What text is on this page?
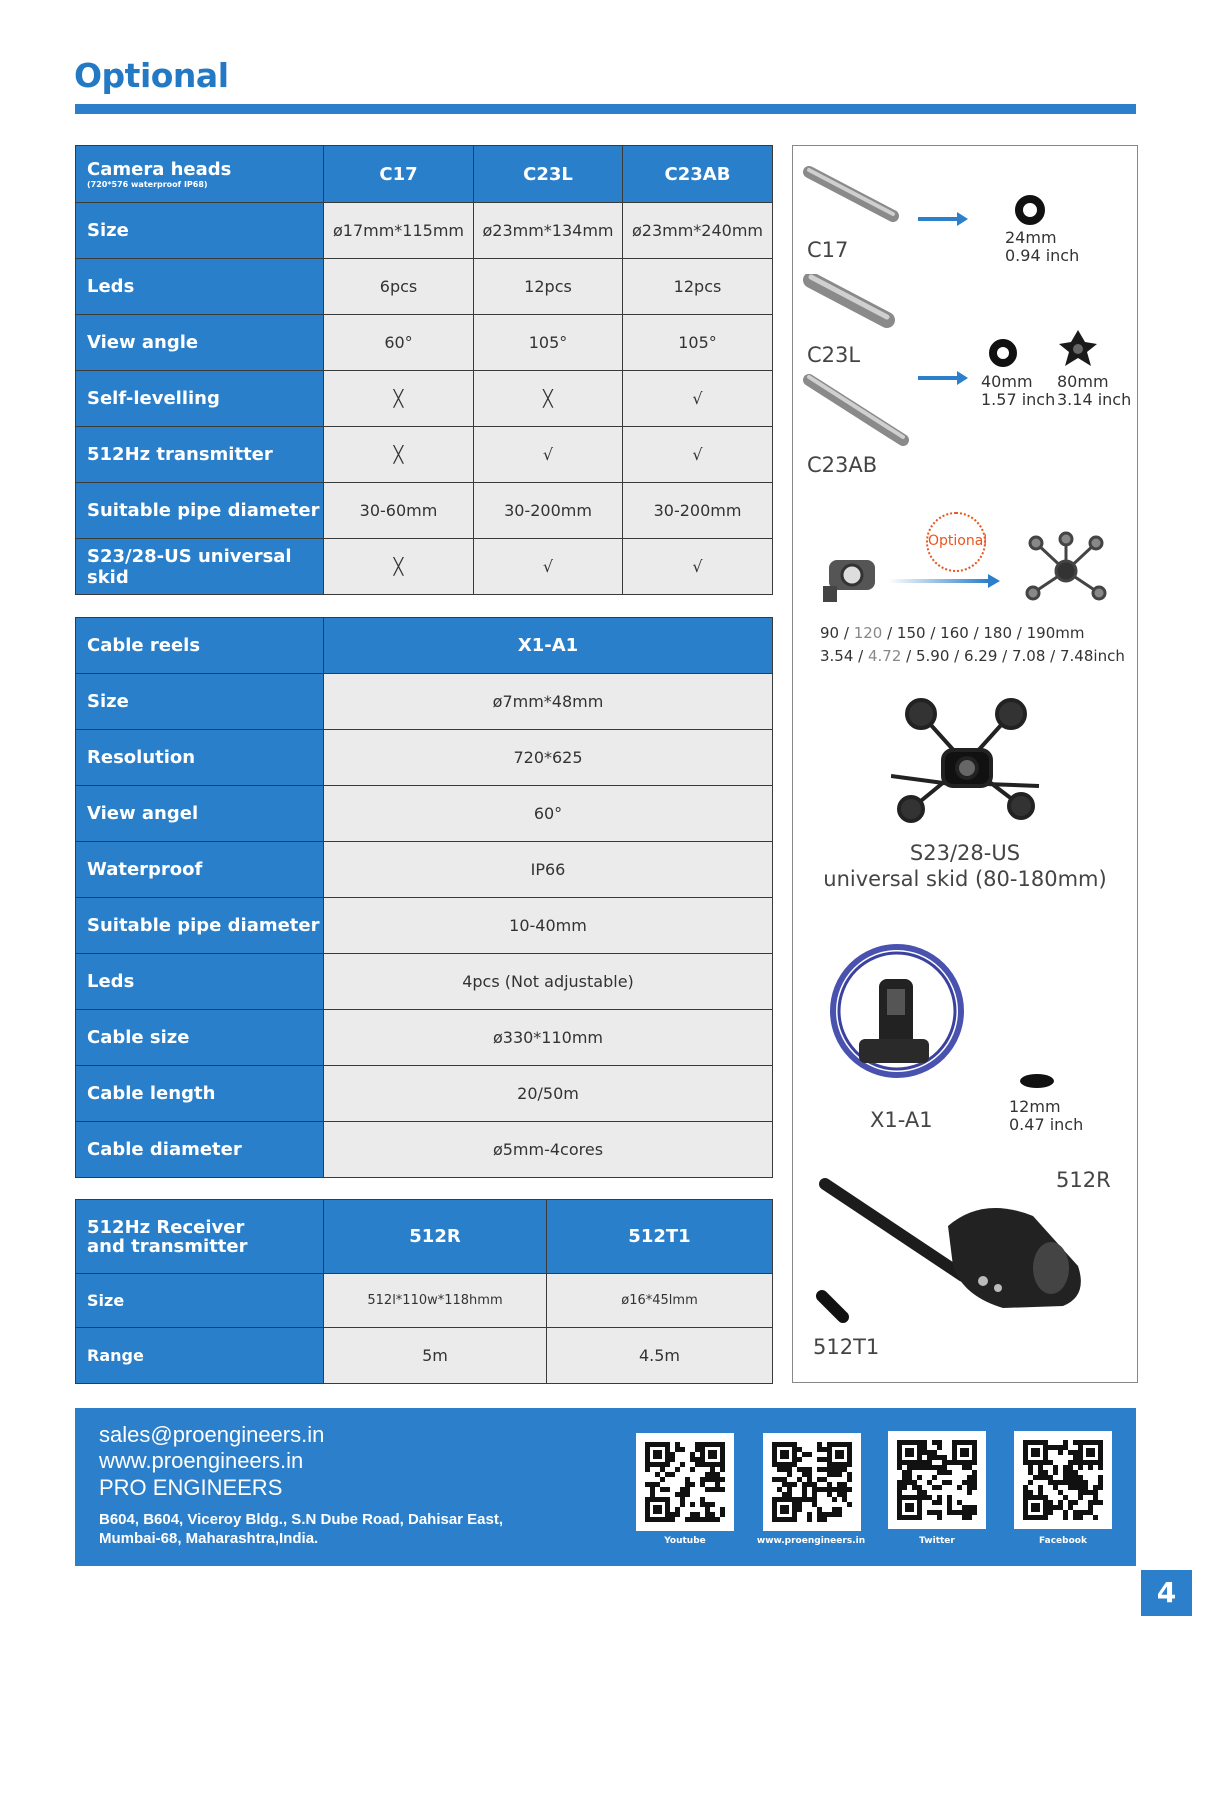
Optional
Camera heads
(720*576 waterproof IP68)	C17	C23L	C23AB
Size	ø17mm*115mm	ø23mm*134mm	ø23mm*240mm
Leds	6pcs	12pcs	12pcs
View angle	60°	105°	105°
Self-levelling	╳	╳	√
512Hz transmitter	╳	√	√
Suitable pipe diameter	30-60mm	30-200mm	30-200mm
S23/28-US universal skid	╳	√	√
Cable reels	X1-A1
Size	ø7mm*48mm
Resolution	720*625
View angel	60°
Waterproof	IP66
Suitable pipe diameter	10-40mm
Leds	4pcs (Not adjustable)
Cable size	ø330*110mm
Cable length	20/50m
Cable diameter	ø5mm-4cores
512Hz Receiver
and transmitter	512R	512T1
Size	512l*110w*118hmm	ø16*45lmm
Range	5m	4.5m
C17
24mm
0.94 inch
C23L
40mm
1.57 inch
80mm
3.14 inch
C23AB
Optional
90 / 120 / 150 / 160 / 180 / 190mm
3.54 / 4.72 / 5.90 / 6.29 / 7.08 / 7.48inch
S23/28-US
universal skid (80-180mm)
X1-A1
12mm
0.47 inch
512R
512T1
sales@proengineers.in
www.proengineers.in
PRO ENGINEERS
B604, B604, Viceroy Bldg., S.N Dube Road, Dahisar East,
Mumbai-68, Maharashtra,India.	Youtube	www.proengineers.in	Twitter	Facebook
4
